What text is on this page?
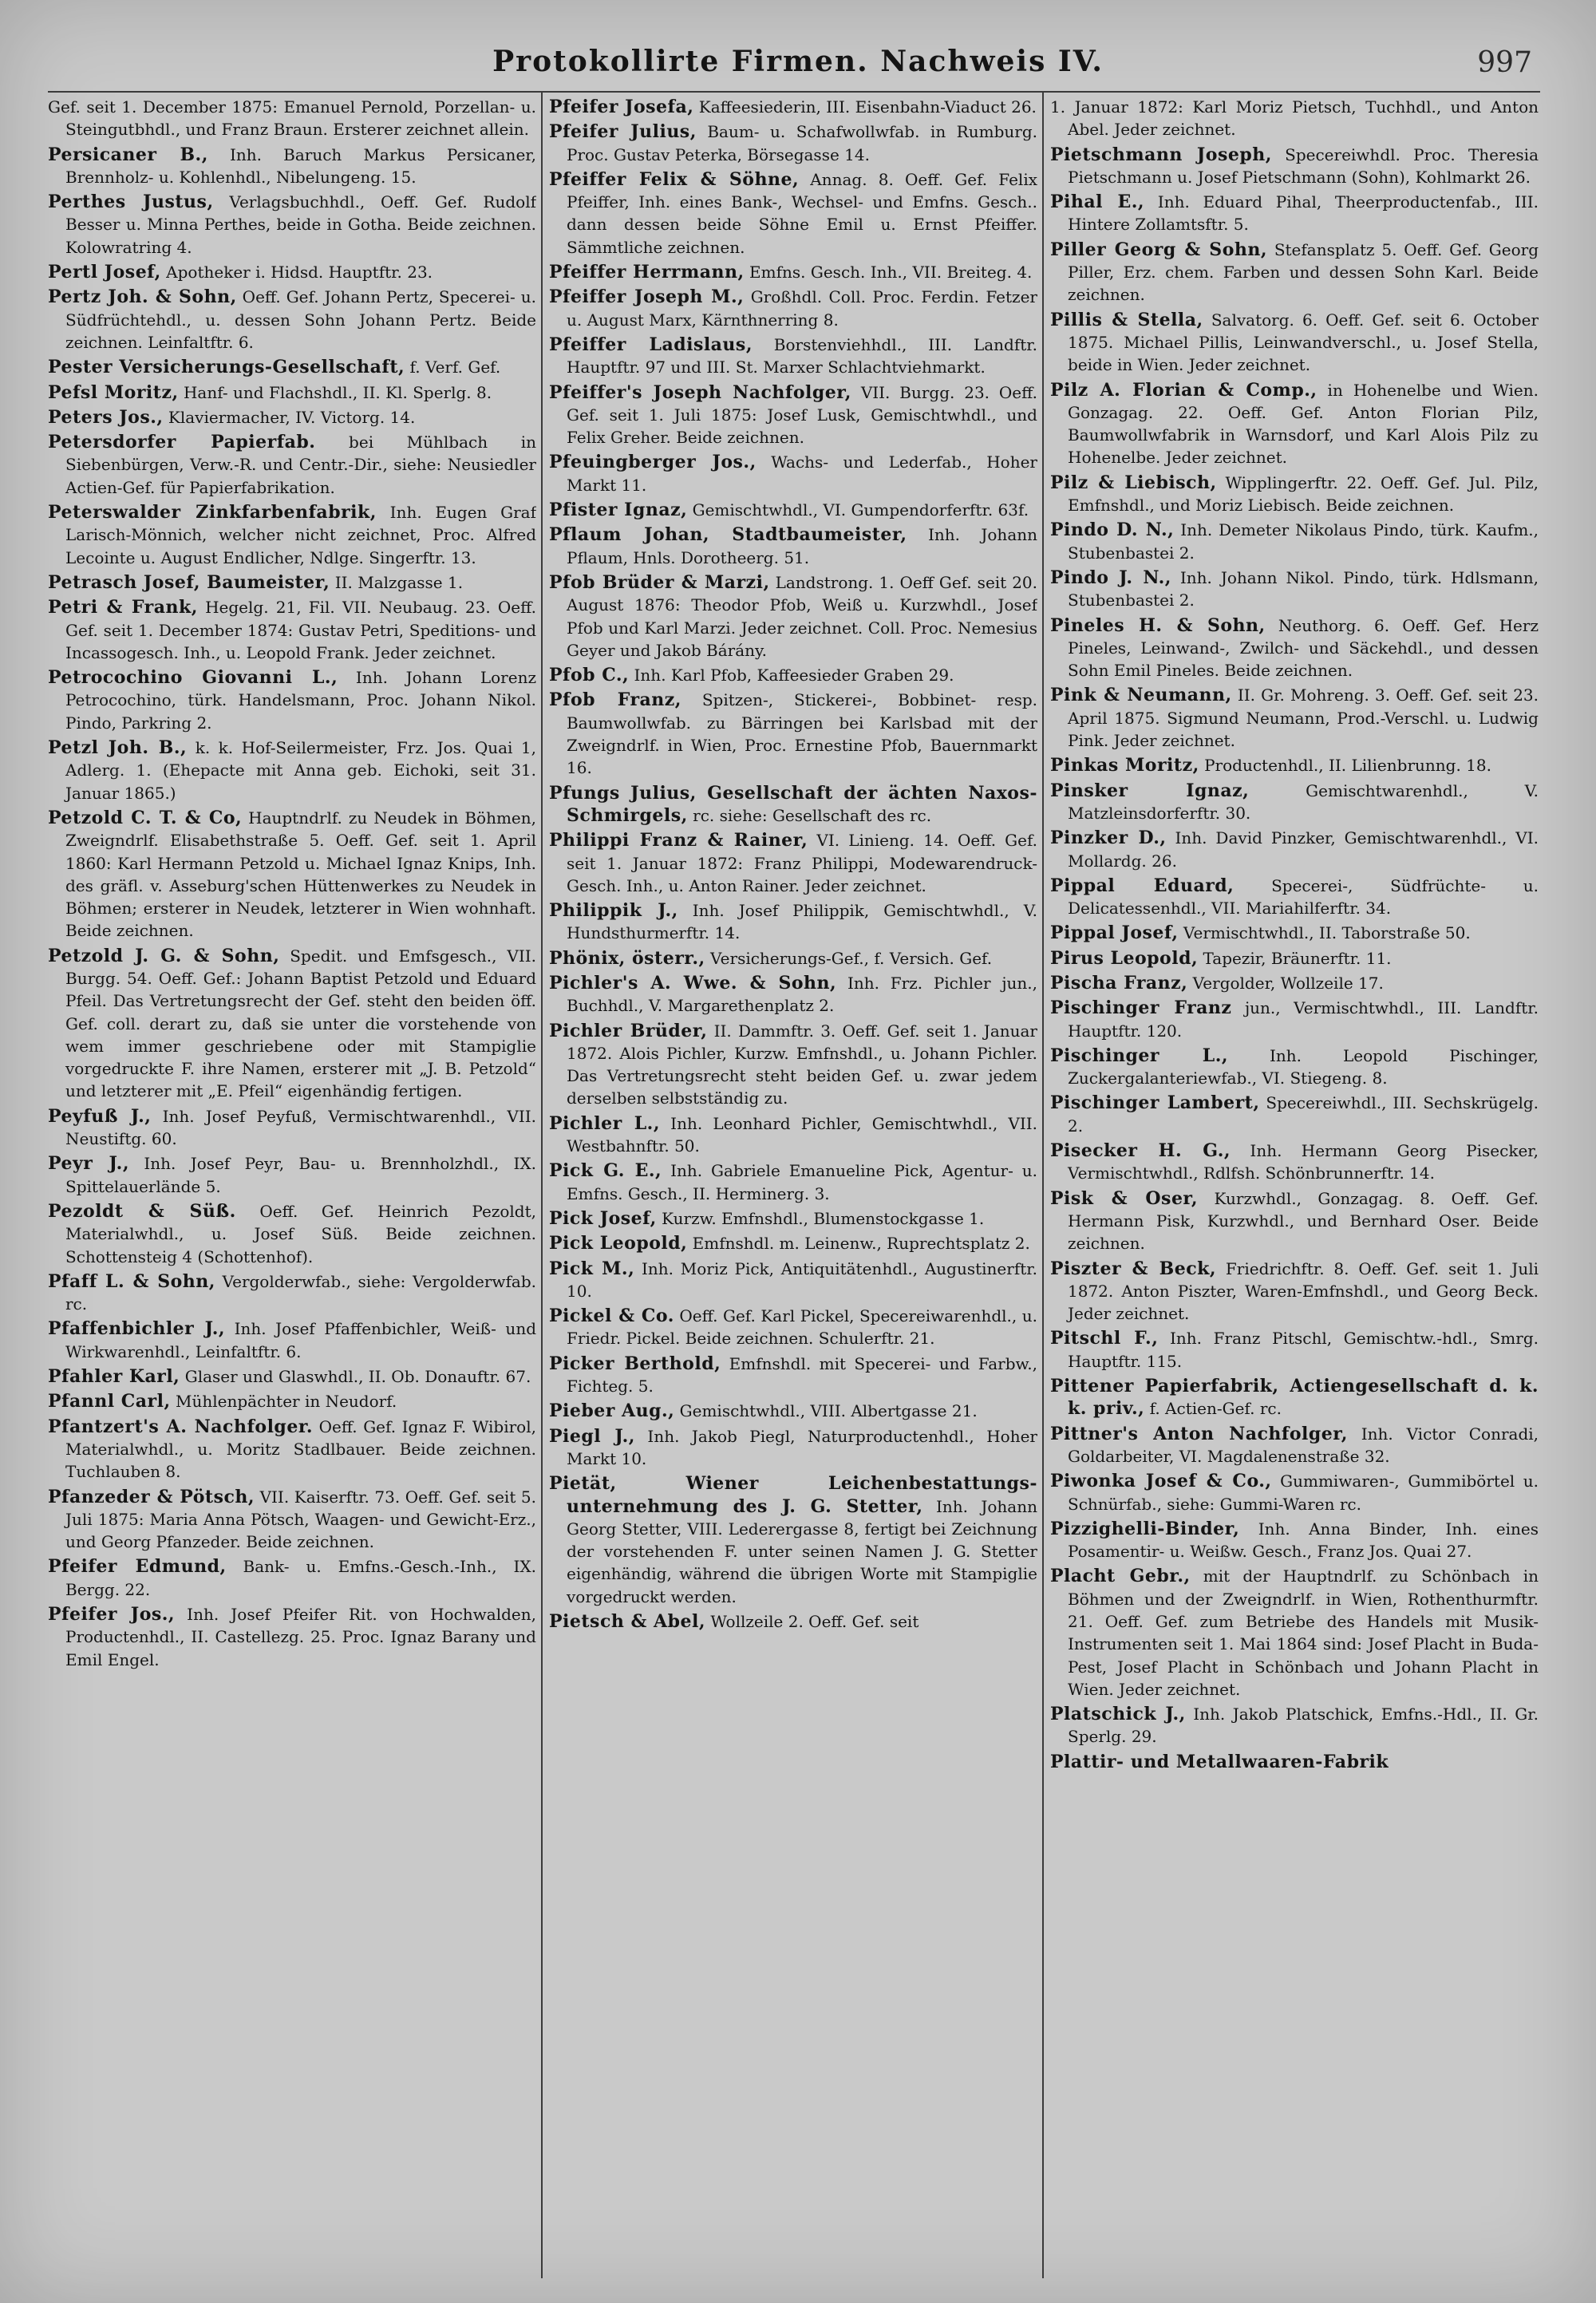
Protokollirte Firmen. Nachweis IV.	997
Gef. seit 1. December 1875: Emanuel Pernold, Porzellan- u. Steingutbhdl., und Franz Braun. Ersterer zeichnet allein.
Persicaner B., Inh. Baruch Markus Persicaner, Brennholz- u. Kohlenhdl., Nibelungeng. 15.
Perthes Justus, Verlagsbuchhdl., Oeff. Gef. Rudolf Besser u. Minna Perthes, beide in Gotha. Beide zeichnen. Kolowratring 4.
Pertl Josef, Apotheker i. Hidsd. Hauptftr. 23.
Pertz Joh. & Sohn, Oeff. Gef. Johann Pertz, Specerei- u. Südfrüchtehdl., u. dessen Sohn Johann Pertz. Beide zeichnen. Leinfaltftr. 6.
Pester Versicherungs-Gesellschaft, f. Verf. Gef.
Pefsl Moritz, Hanf- und Flachshdl., II. Kl. Sperlg. 8.
Peters Jos., Klaviermacher, IV. Victorg. 14.
Petersdorfer Papierfab. bei Mühlbach in Siebenbürgen, Verw.-R. und Centr.-Dir., siehe: Neusiedler Actien-Gef. für Papierfabrikation.
Peterswalder Zinkfarbenfabrik, Inh. Eugen Graf Larisch-Mönnich, welcher nicht zeichnet, Proc. Alfred Lecointe u. August Endlicher, Ndlge. Singerftr. 13.
Petrasch Josef, Baumeister, II. Malzgasse 1.
Petri & Frank, Hegelg. 21, Fil. VII. Neubaug. 23. Oeff. Gef. seit 1. December 1874: Gustav Petri, Speditions- und Incassogesch. Inh., u. Leopold Frank. Jeder zeichnet.
Petrocochino Giovanni L., Inh. Johann Lorenz Petrocochino, türk. Handelsmann, Proc. Johann Nikol. Pindo, Parkring 2.
Petzl Joh. B., k. k. Hof-Seilermeister, Frz. Jos. Quai 1, Adlerg. 1. (Ehepacte mit Anna geb. Eichoki, seit 31. Januar 1865.)
Petzold C. T. & Co, Hauptndrlf. zu Neudek in Böhmen, Zweigndrlf. Elisabethstraße 5. Oeff. Gef. seit 1. April 1860: Karl Hermann Petzold u. Michael Ignaz Knips, Inh. des gräfl. v. Asseburg'schen Hüttenwerkes zu Neudek in Böhmen; ersterer in Neudek, letzterer in Wien wohnhaft. Beide zeichnen.
Petzold J. G. & Sohn, Spedit. und Emfsgesch., VII. Burgg. 54. Oeff. Gef.: Johann Baptist Petzold und Eduard Pfeil. Das Vertretungsrecht der Gef. steht den beiden öff. Gef. coll. derart zu, daß sie unter die vorstehende von wem immer geschriebene oder mit Stampiglie vorgedruckte F. ihre Namen, ersterer mit „J. B. Petzold“ und letzterer mit „E. Pfeil“ eigenhändig fertigen.
Peyfuß J., Inh. Josef Peyfuß, Vermischtwarenhdl., VII. Neustiftg. 60.
Peyr J., Inh. Josef Peyr, Bau- u. Brennholzhdl., IX. Spittelauerlände 5.
Pezoldt & Süß. Oeff. Gef. Heinrich Pezoldt, Materialwhdl., u. Josef Süß. Beide zeichnen. Schottensteig 4 (Schottenhof).
Pfaff L. & Sohn, Vergolderwfab., siehe: Vergolderwfab. rc.
Pfaffenbichler J., Inh. Josef Pfaffenbichler, Weiß- und Wirkwarenhdl., Leinfaltftr. 6.
Pfahler Karl, Glaser und Glaswhdl., II. Ob. Donauftr. 67.
Pfannl Carl, Mühlenpächter in Neudorf.
Pfantzert's A. Nachfolger. Oeff. Gef. Ignaz F. Wibirol, Materialwhdl., u. Moritz Stadlbauer. Beide zeichnen. Tuchlauben 8.
Pfanzeder & Pötsch, VII. Kaiserftr. 73. Oeff. Gef. seit 5. Juli 1875: Maria Anna Pötsch, Waagen- und Gewicht-Erz., und Georg Pfanzeder. Beide zeichnen.
Pfeifer Edmund, Bank- u. Emfns.-Gesch.-Inh., IX. Bergg. 22.
Pfeifer Jos., Inh. Josef Pfeifer Rit. von Hochwalden, Productenhdl., II. Castellezg. 25. Proc. Ignaz Barany und Emil Engel.
Pfeifer Josefa, Kaffeesiederin, III. Eisenbahn-Viaduct 26.
Pfeifer Julius, Baum- u. Schafwollwfab. in Rumburg. Proc. Gustav Peterka, Börsegasse 14.
Pfeiffer Felix & Söhne, Annag. 8. Oeff. Gef. Felix Pfeiffer, Inh. eines Bank-, Wechsel- und Emfns. Gesch.. dann dessen beide Söhne Emil u. Ernst Pfeiffer. Sämmtliche zeichnen.
Pfeiffer Herrmann, Emfns. Gesch. Inh., VII. Breiteg. 4.
Pfeiffer Joseph M., Großhdl. Coll. Proc. Ferdin. Fetzer u. August Marx, Kärnthnerring 8.
Pfeiffer Ladislaus, Borstenviehhdl., III. Landftr. Hauptftr. 97 und III. St. Marxer Schlachtviehmarkt.
Pfeiffer's Joseph Nachfolger, VII. Burgg. 23. Oeff. Gef. seit 1. Juli 1875: Josef Lusk, Gemischtwhdl., und Felix Greher. Beide zeichnen.
Pfeuingberger Jos., Wachs- und Lederfab., Hoher Markt 11.
Pfister Ignaz, Gemischtwhdl., VI. Gumpendorferftr. 63f.
Pflaum Johan, Stadtbaumeister, Inh. Johann Pflaum, Hnls. Dorotheerg. 51.
Pfob Brüder & Marzi, Landstrong. 1. Oeff Gef. seit 20. August 1876: Theodor Pfob, Weiß u. Kurzwhdl., Josef Pfob und Karl Marzi. Jeder zeichnet. Coll. Proc. Nemesius Geyer und Jakob Bárány.
Pfob C., Inh. Karl Pfob, Kaffeesieder Graben 29.
Pfob Franz, Spitzen-, Stickerei-, Bobbinet- resp. Baumwollwfab. zu Bärringen bei Karlsbad mit der Zweigndrlf. in Wien, Proc. Ernestine Pfob, Bauernmarkt 16.
Pfungs Julius, Gesellschaft der ächten Naxos-Schmirgels, rc. siehe: Gesellschaft des rc.
Philippi Franz & Rainer, VI. Linieng. 14. Oeff. Gef. seit 1. Januar 1872: Franz Philippi, Modewarendruck-Gesch. Inh., u. Anton Rainer. Jeder zeichnet.
Philippik J., Inh. Josef Philippik, Gemischtwhdl., V. Hundsthurmerftr. 14.
Phönix, österr., Versicherungs-Gef., f. Versich. Gef.
Pichler's A. Wwe. & Sohn, Inh. Frz. Pichler jun., Buchhdl., V. Margarethenplatz 2.
Pichler Brüder, II. Dammftr. 3. Oeff. Gef. seit 1. Januar 1872. Alois Pichler, Kurzw. Emfnshdl., u. Johann Pichler. Das Vertretungsrecht steht beiden Gef. u. zwar jedem derselben selbstständig zu.
Pichler L., Inh. Leonhard Pichler, Gemischtwhdl., VII. Westbahnftr. 50.
Pick G. E., Inh. Gabriele Emanueline Pick, Agentur- u. Emfns. Gesch., II. Herminerg. 3.
Pick Josef, Kurzw. Emfnshdl., Blumenstockgasse 1.
Pick Leopold, Emfnshdl. m. Leinenw., Ruprechtsplatz 2.
Pick M., Inh. Moriz Pick, Antiquitätenhdl., Augustinerftr. 10.
Pickel & Co. Oeff. Gef. Karl Pickel, Specereiwarenhdl., u. Friedr. Pickel. Beide zeichnen. Schulerftr. 21.
Picker Berthold, Emfnshdl. mit Specerei- und Farbw., Fichteg. 5.
Pieber Aug., Gemischtwhdl., VIII. Albertgasse 21.
Piegl J., Inh. Jakob Piegl, Naturproductenhdl., Hoher Markt 10.
Pietät, Wiener Leichenbestattungs-unternehmung des J. G. Stetter, Inh. Johann Georg Stetter, VIII. Lederergasse 8, fertigt bei Zeichnung der vorstehenden F. unter seinen Namen J. G. Stetter eigenhändig, während die übrigen Worte mit Stampiglie vorgedruckt werden.
Pietsch & Abel, Wollzeile 2. Oeff. Gef. seit
1. Januar 1872: Karl Moriz Pietsch, Tuchhdl., und Anton Abel. Jeder zeichnet.
Pietschmann Joseph, Specereiwhdl. Proc. Theresia Pietschmann u. Josef Pietschmann (Sohn), Kohlmarkt 26.
Pihal E., Inh. Eduard Pihal, Theerproductenfab., III. Hintere Zollamtsftr. 5.
Piller Georg & Sohn, Stefansplatz 5. Oeff. Gef. Georg Piller, Erz. chem. Farben und dessen Sohn Karl. Beide zeichnen.
Pillis & Stella, Salvatorg. 6. Oeff. Gef. seit 6. October 1875. Michael Pillis, Leinwandverschl., u. Josef Stella, beide in Wien. Jeder zeichnet.
Pilz A. Florian & Comp., in Hohenelbe und Wien. Gonzagag. 22. Oeff. Gef. Anton Florian Pilz, Baumwollwfabrik in Warnsdorf, und Karl Alois Pilz zu Hohenelbe. Jeder zeichnet.
Pilz & Liebisch, Wipplingerftr. 22. Oeff. Gef. Jul. Pilz, Emfnshdl., und Moriz Liebisch. Beide zeichnen.
Pindo D. N., Inh. Demeter Nikolaus Pindo, türk. Kaufm., Stubenbastei 2.
Pindo J. N., Inh. Johann Nikol. Pindo, türk. Hdlsmann, Stubenbastei 2.
Pineles H. & Sohn, Neuthorg. 6. Oeff. Gef. Herz Pineles, Leinwand-, Zwilch- und Säckehdl., und dessen Sohn Emil Pineles. Beide zeichnen.
Pink & Neumann, II. Gr. Mohreng. 3. Oeff. Gef. seit 23. April 1875. Sigmund Neumann, Prod.-Verschl. u. Ludwig Pink. Jeder zeichnet.
Pinkas Moritz, Productenhdl., II. Lilienbrunng. 18.
Pinsker Ignaz, Gemischtwarenhdl., V. Matzleinsdorferftr. 30.
Pinzker D., Inh. David Pinzker, Gemischtwarenhdl., VI. Mollardg. 26.
Pippal Eduard, Specerei-, Südfrüchte- u. Delicatessenhdl., VII. Mariahilferftr. 34.
Pippal Josef, Vermischtwhdl., II. Taborstraße 50.
Pirus Leopold, Tapezir, Bräunerftr. 11.
Pischa Franz, Vergolder, Wollzeile 17.
Pischinger Franz jun., Vermischtwhdl., III. Landftr. Hauptftr. 120.
Pischinger L., Inh. Leopold Pischinger, Zuckergalanteriewfab., VI. Stiegeng. 8.
Pischinger Lambert, Specereiwhdl., III. Sechskrügelg. 2.
Pisecker H. G., Inh. Hermann Georg Pisecker, Vermischtwhdl., Rdlfsh. Schönbrunnerftr. 14.
Pisk & Oser, Kurzwhdl., Gonzagag. 8. Oeff. Gef. Hermann Pisk, Kurzwhdl., und Bernhard Oser. Beide zeichnen.
Piszter & Beck, Friedrichftr. 8. Oeff. Gef. seit 1. Juli 1872. Anton Piszter, Waren-Emfnshdl., und Georg Beck. Jeder zeichnet.
Pitschl F., Inh. Franz Pitschl, Gemischtw.-hdl., Smrg. Hauptftr. 115.
Pittener Papierfabrik, Actiengesellschaft d. k. k. priv., f. Actien-Gef. rc.
Pittner's Anton Nachfolger, Inh. Victor Conradi, Goldarbeiter, VI. Magdalenenstraße 32.
Piwonka Josef & Co., Gummiwaren-, Gummibörtel u. Schnürfab., siehe: Gummi-Waren rc.
Pizzighelli-Binder, Inh. Anna Binder, Inh. eines Posamentir- u. Weißw. Gesch., Franz Jos. Quai 27.
Placht Gebr., mit der Hauptndrlf. zu Schönbach in Böhmen und der Zweigndrlf. in Wien, Rothenthurmftr. 21. Oeff. Gef. zum Betriebe des Handels mit Musik-Instrumenten seit 1. Mai 1864 sind: Josef Placht in Buda-Pest, Josef Placht in Schönbach und Johann Placht in Wien. Jeder zeichnet.
Platschick J., Inh. Jakob Platschick, Emfns.-Hdl., II. Gr. Sperlg. 29.
Plattir- und Metallwaaren-Fabrik
